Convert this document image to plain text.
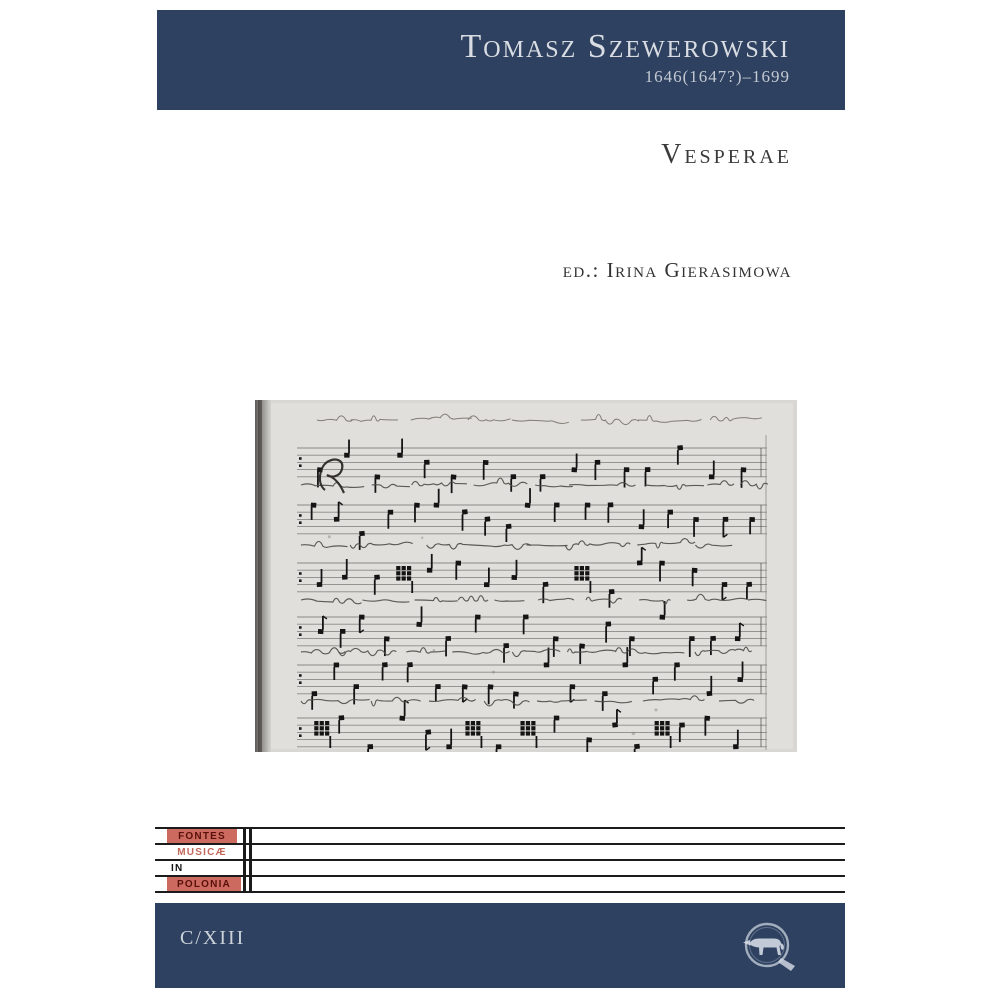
Tomasz Szewerowski
1646(1647?)–1699
Vesperae
ed.: Irina Gierasimowa
FONTES
MUSICÆ
IN
POLONIA
C/XIII
